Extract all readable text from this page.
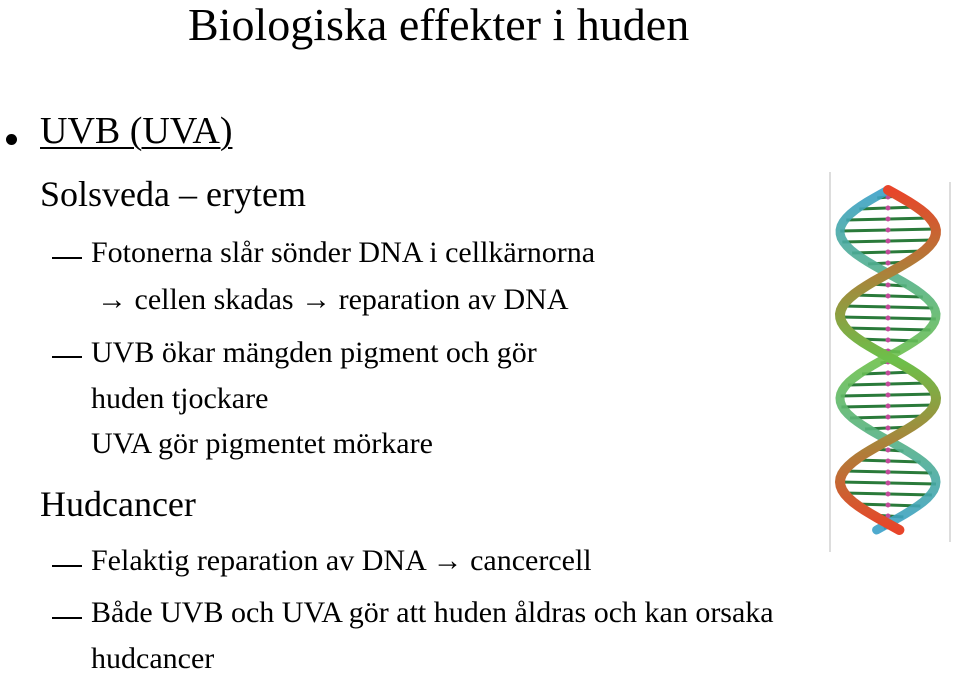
Biologiska effekter i huden
UVB (UVA)
Solsveda – erytem
Fotonerna slår sönder DNA i cellkärnorna
→ cellen skadas → reparation av DNA
UVB ökar mängden pigment och gör
huden tjockare
UVA gör pigmentet mörkare
Hudcancer
Felaktig reparation av DNA → cancercell
Både UVB och UVA gör att huden åldras och kan orsaka
hudcancer
